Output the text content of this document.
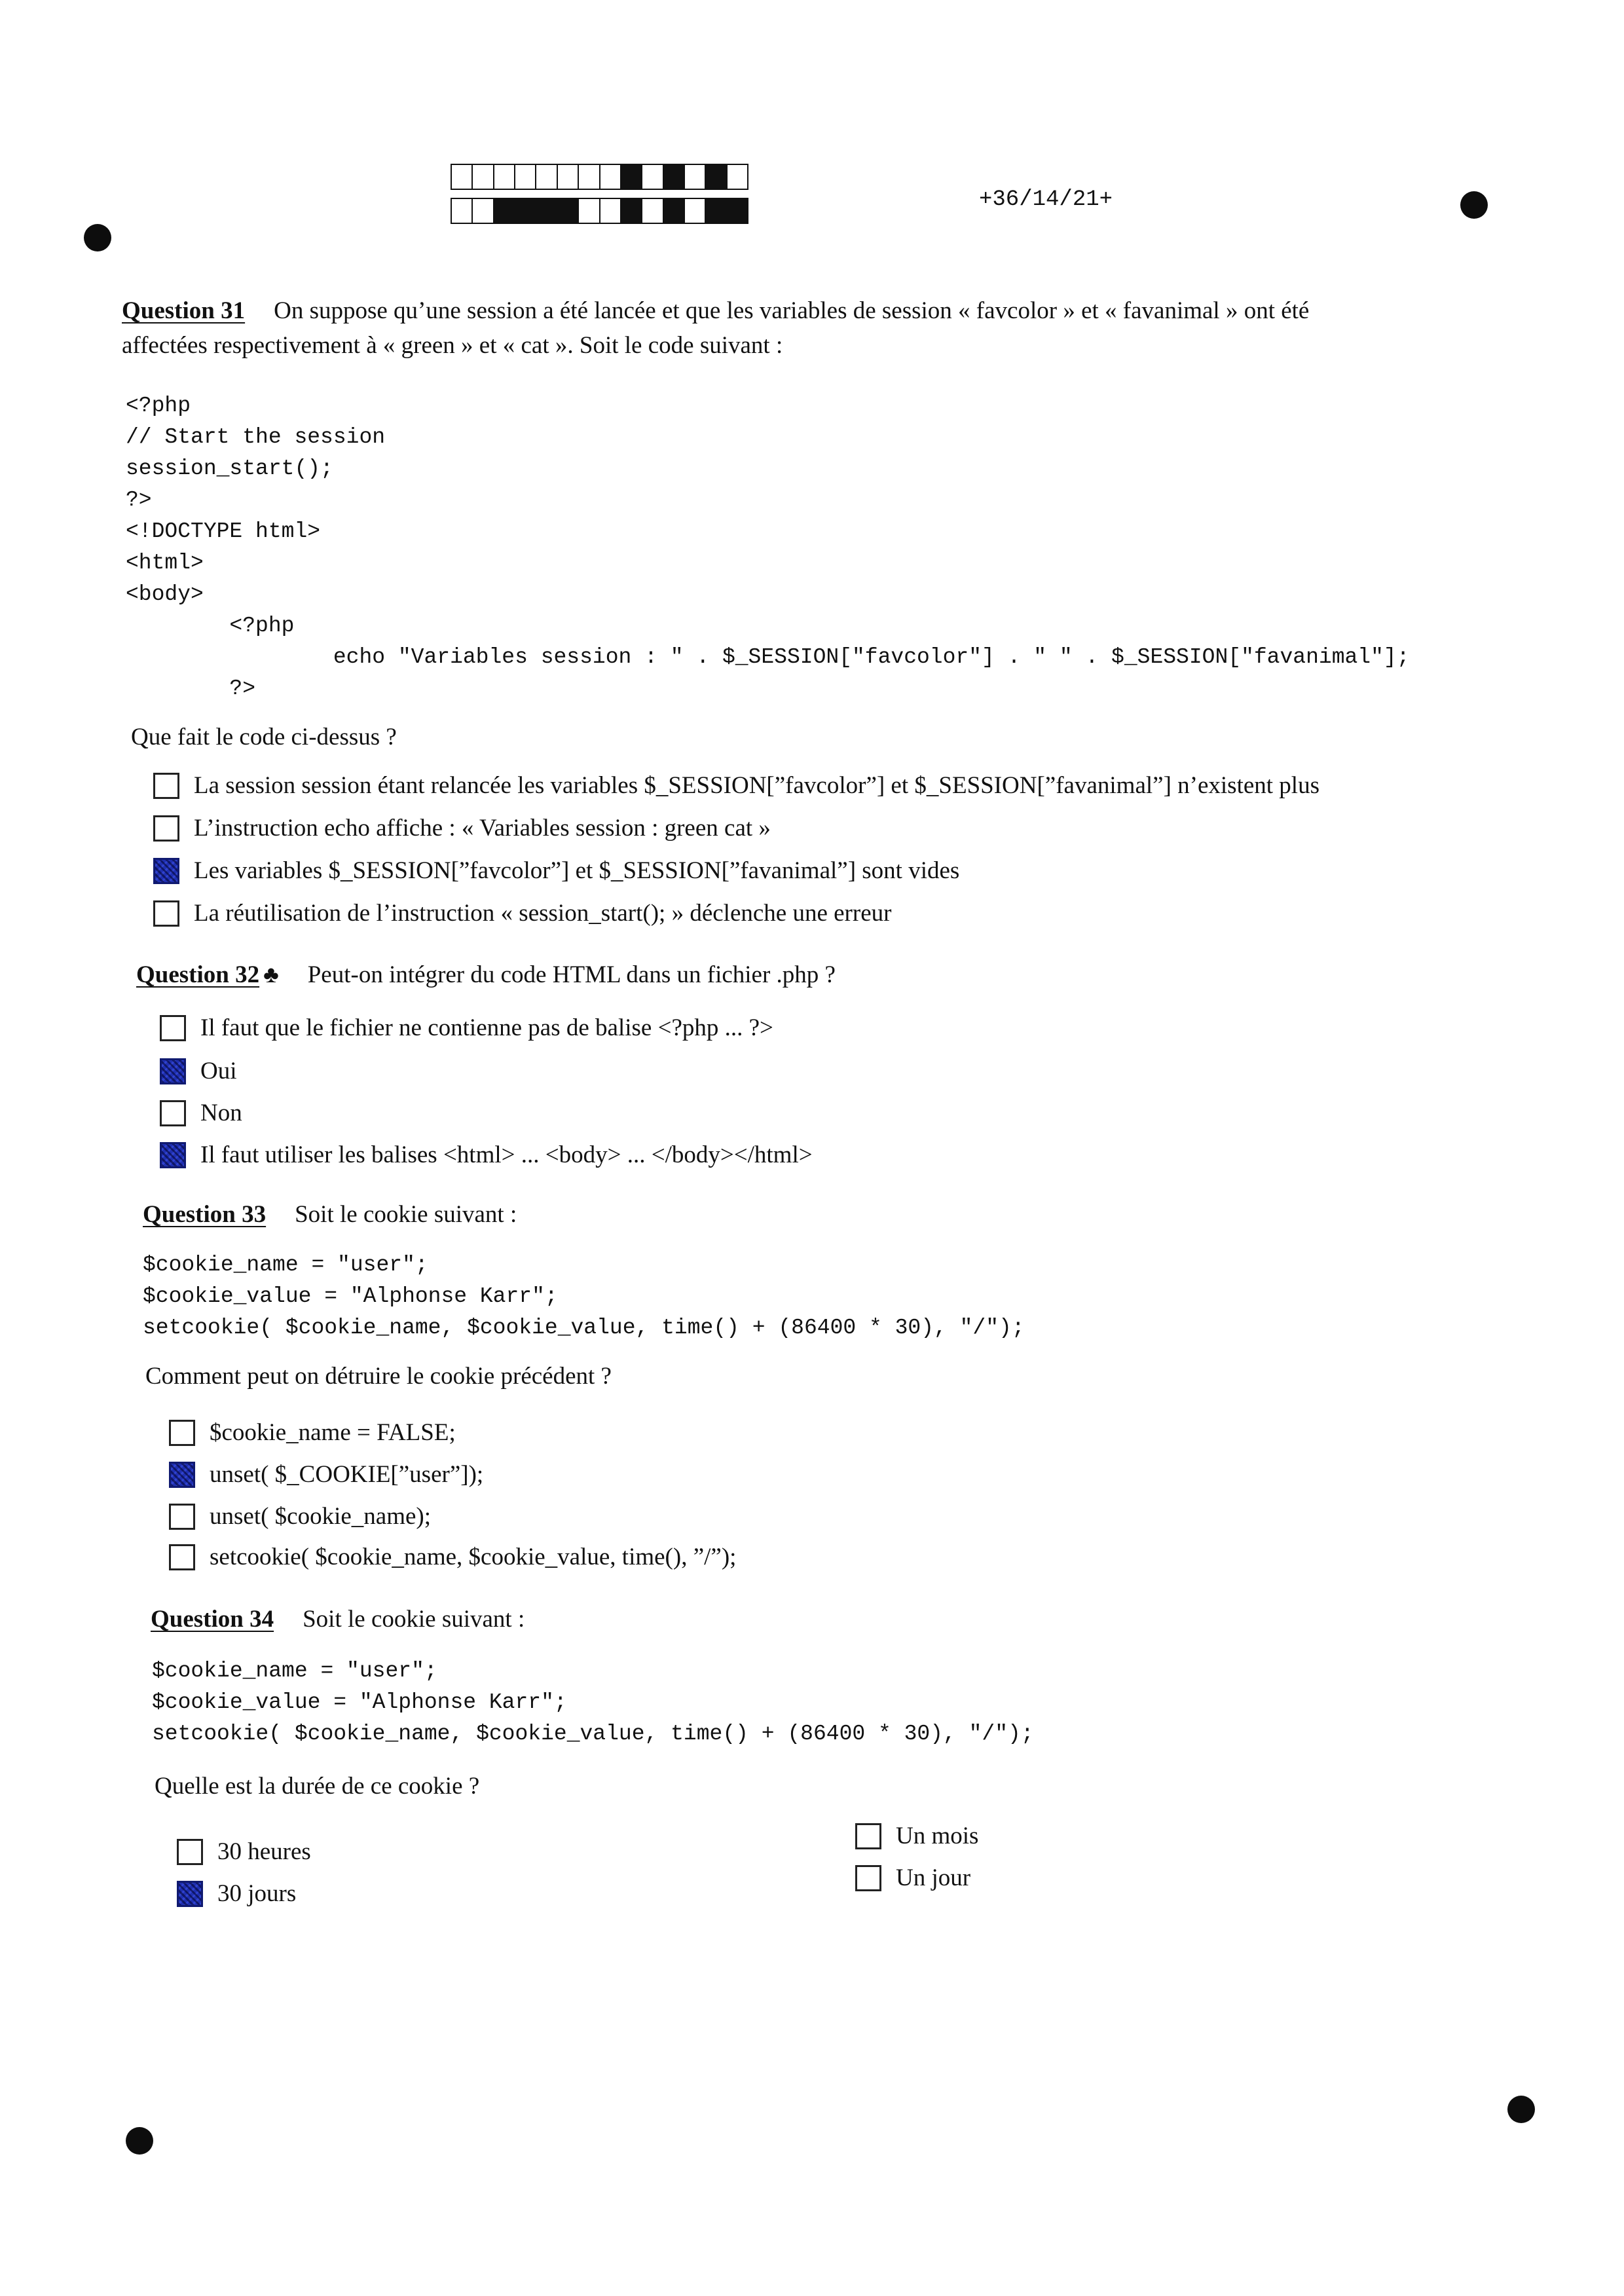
+36/14/21+
Question 31 On suppose qu’une session a été lancée et que les variables de session « favcolor » et « favanimal » ont été
affectées respectivement à « green » et « cat ». Soit le code suivant :
<?php
// Start the session
session_start();
?>
<!DOCTYPE html>
<html>
<body>
<?php
echo "Variables session : " . $_SESSION["favcolor"] . " " . $_SESSION["favanimal"];
?>
Que fait le code ci-dessus ?
La session session étant relancée les variables $_SESSION[”favcolor”] et $_SESSION[”favanimal”] n’existent plus
L’instruction echo affiche : « Variables session : green cat »
Les variables $_SESSION[”favcolor”] et $_SESSION[”favanimal”] sont vides
La réutilisation de l’instruction « session_start(); » déclenche une erreur
Question 32 ♣ Peut-on intégrer du code HTML dans un fichier .php ?
Il faut que le fichier ne contienne pas de balise <?php ... ?>
Oui
Non
Il faut utiliser les balises <html> ... <body> ... </body></html>
Question 33 Soit le cookie suivant :
$cookie_name = "user";
$cookie_value = "Alphonse Karr";
setcookie( $cookie_name, $cookie_value, time() + (86400 * 30), "/");
Comment peut on détruire le cookie précédent ?
$cookie_name = FALSE;
unset( $_COOKIE[”user”]);
unset( $cookie_name);
setcookie( $cookie_name, $cookie_value, time(), ”/”);
Question 34 Soit le cookie suivant :
$cookie_name = "user";
$cookie_value = "Alphonse Karr";
setcookie( $cookie_name, $cookie_value, time() + (86400 * 30), "/");
Quelle est la durée de ce cookie ?
30 heures
30 jours
Un mois
Un jour
